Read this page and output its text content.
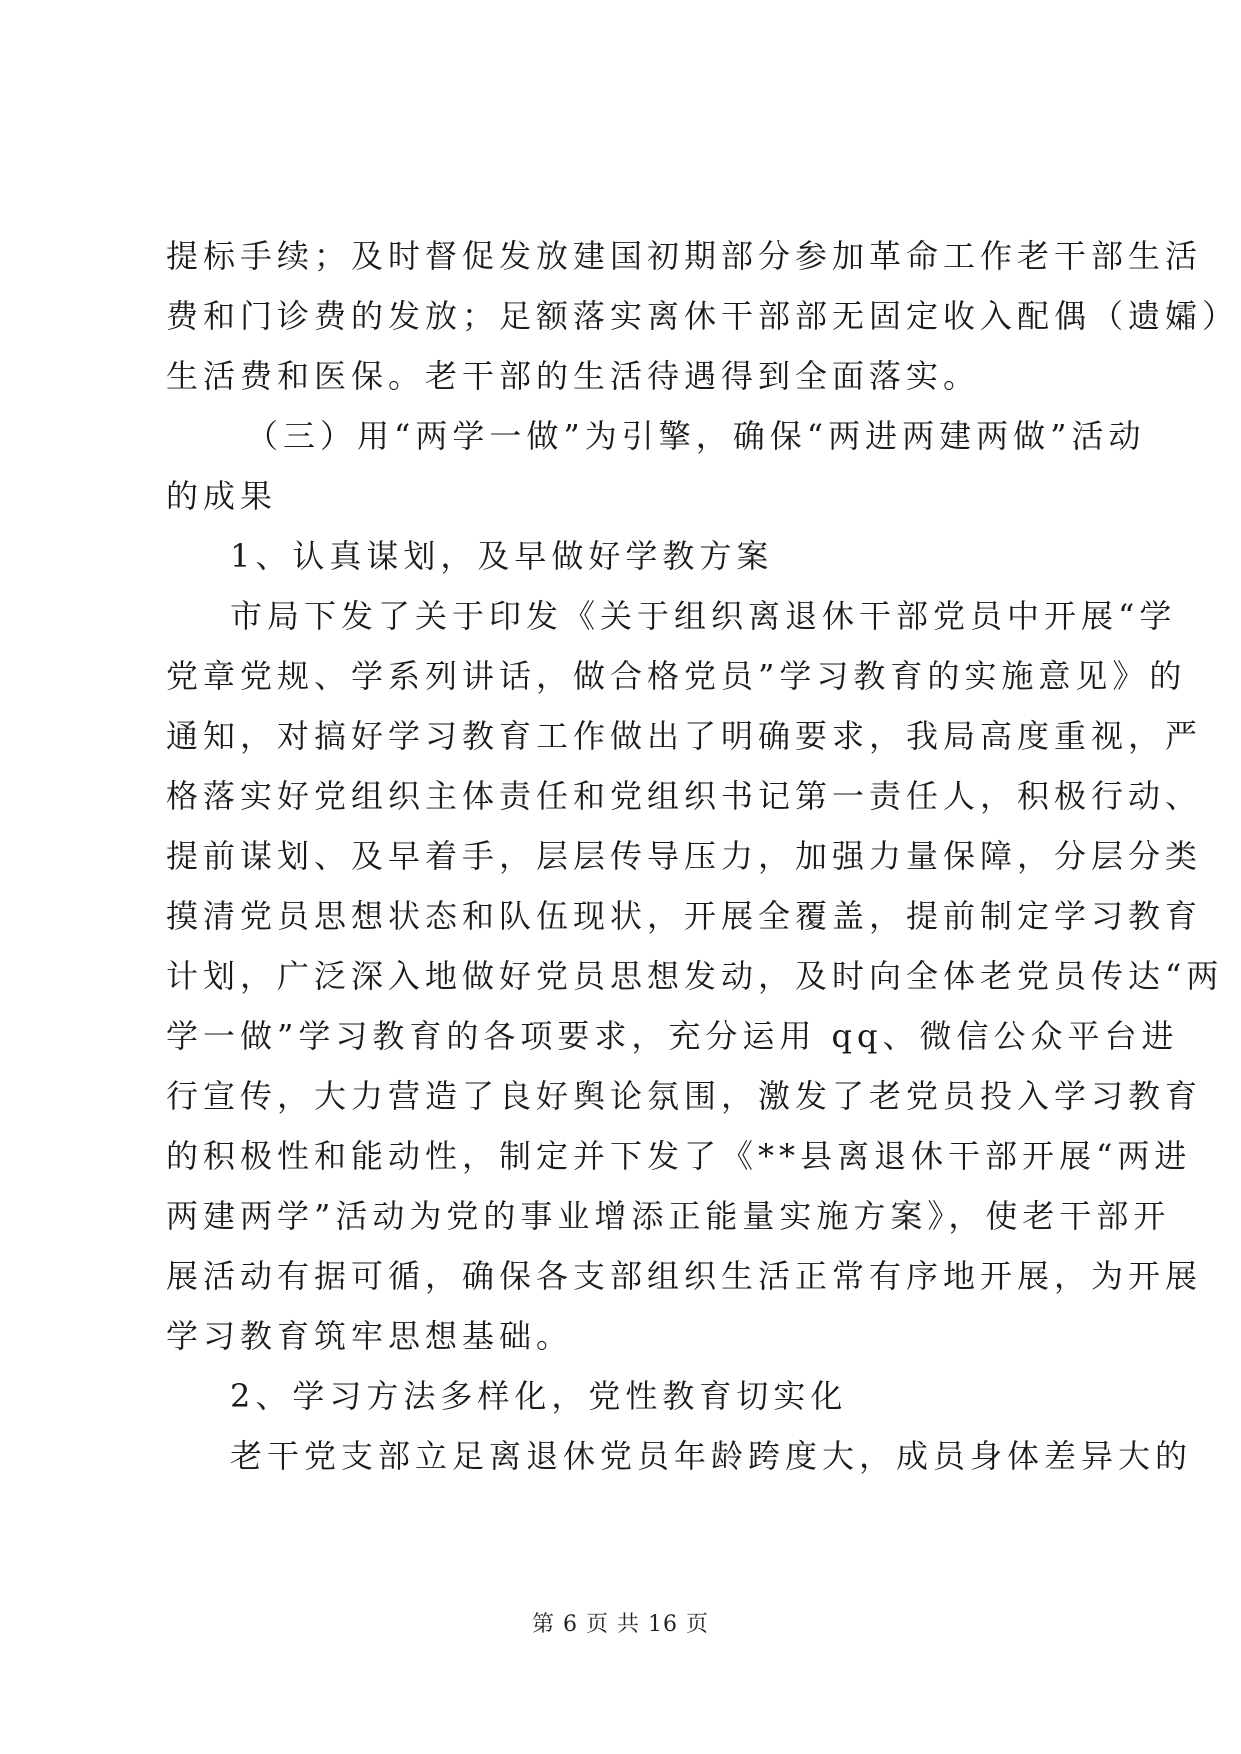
提标手续；及时督促发放建国初期部分参加革命工作老干部生活
费和门诊费的发放；足额落实离休干部部无固定收入配偶（遗孀）
生活费和医保。老干部的生活待遇得到全面落实。
（三）用“两学一做”为引擎，确保“两进两建两做”活动
的成果
1、认真谋划，及早做好学教方案
市局下发了关于印发《关于组织离退休干部党员中开展“学
党章党规、学系列讲话，做合格党员”学习教育的实施意见》的
通知，对搞好学习教育工作做出了明确要求，我局高度重视，严
格落实好党组织主体责任和党组织书记第一责任人，积极行动、
提前谋划、及早着手，层层传导压力，加强力量保障，分层分类
摸清党员思想状态和队伍现状，开展全覆盖，提前制定学习教育
计划，广泛深入地做好党员思想发动，及时向全体老党员传达“两
学一做”学习教育的各项要求，充分运用 qq、微信公众平台进
行宣传，大力营造了良好舆论氛围，激发了老党员投入学习教育
的积极性和能动性，制定并下发了《**县离退休干部开展“两进
两建两学”活动为党的事业增添正能量实施方案》，使老干部开
展活动有据可循，确保各支部组织生活正常有序地开展，为开展
学习教育筑牢思想基础。
2、学习方法多样化，党性教育切实化
老干党支部立足离退休党员年龄跨度大，成员身体差异大的
第 6 页 共 16 页
